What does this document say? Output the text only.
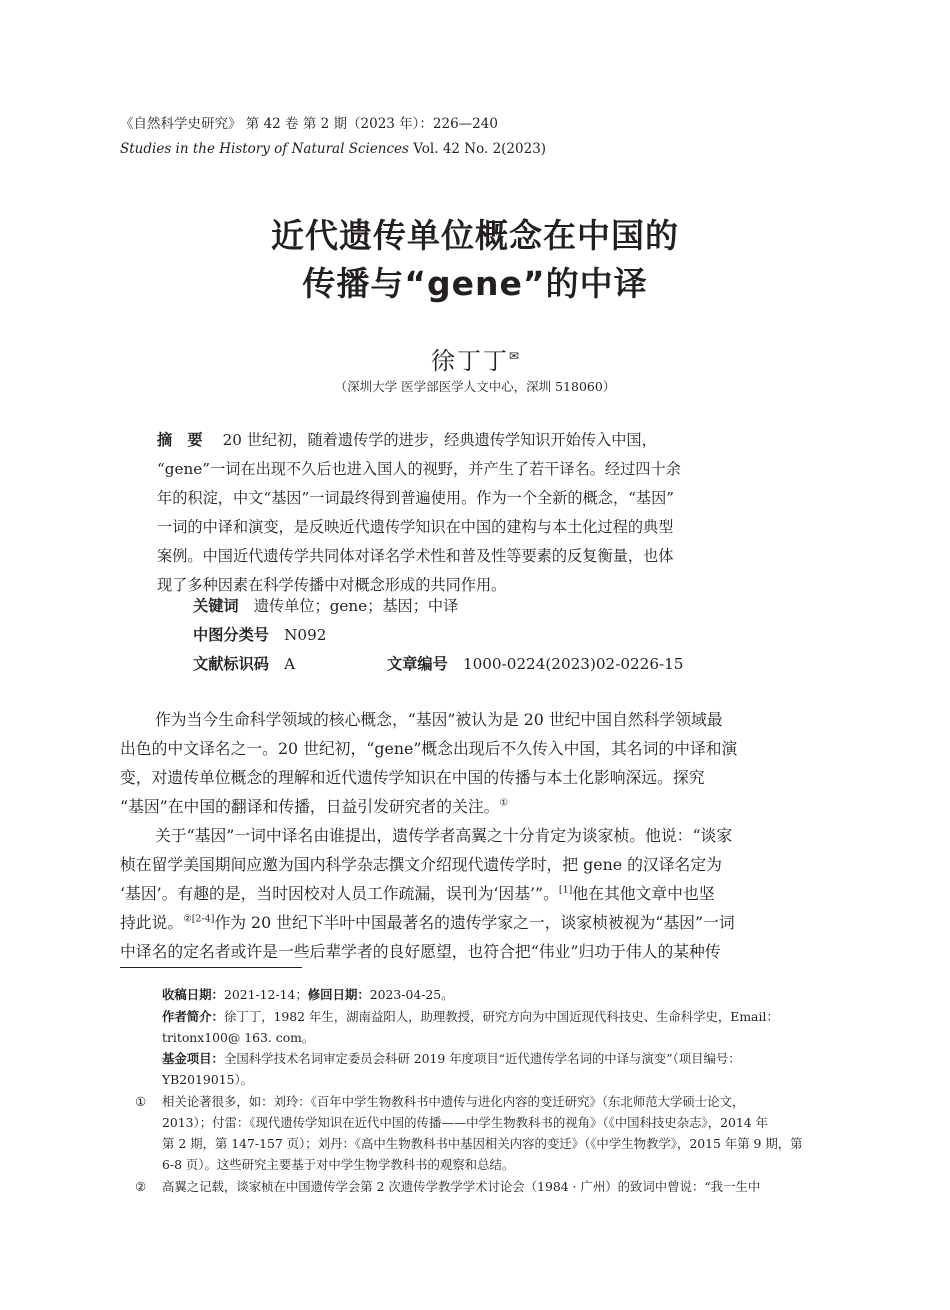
《自然科学史研究》 第 42 卷 第 2 期（2023 年）：226—240
Studies in the History of Natural Sciences Vol. 42 No. 2(2023)
近代遗传单位概念在中国的
传播与“gene”的中译
徐丁丁✉
（深圳大学 医学部医学人文中心，深圳 518060）
摘　要　 20 世纪初，随着遗传学的进步，经典遗传学知识开始传入中国，
“gene”一词在出现不久后也进入国人的视野，并产生了若干译名。经过四十余
年的积淀，中文“基因”一词最终得到普遍使用。作为一个全新的概念，“基因”
一词的中译和演变，是反映近代遗传学知识在中国的建构与本土化过程的典型
案例。中国近代遗传学共同体对译名学术性和普及性等要素的反复衡量，也体
现了多种因素在科学传播中对概念形成的共同作用。
关键词　 遗传单位；gene；基因；中译
中图分类号　 N092
文献标识码　 A	文章编号　 1000-0224(2023)02-0226-15
作为当今生命科学领域的核心概念，“基因”被认为是 20 世纪中国自然科学领域最
出色的中文译名之一。20 世纪初，“gene”概念出现后不久传入中国，其名词的中译和演
变，对遗传单位概念的理解和近代遗传学知识在中国的传播与本土化影响深远。探究
“基因”在中国的翻译和传播，日益引发研究者的关注。①
关于“基因”一词中译名由谁提出，遗传学者高翼之十分肯定为谈家桢。他说：“谈家
桢在留学美国期间应邀为国内科学杂志撰文介绍现代遗传学时，把 gene 的汉译名定为
‘基因’。有趣的是，当时因校对人员工作疏漏，误刊为‘因基’”。[1]他在其他文章中也坚
持此说。$^{②[2-4]}$作为 20 世纪下半叶中国最著名的遗传学家之一，谈家桢被视为“基因”一词
中译名的定名者或许是一些后辈学者的良好愿望，也符合把“伟业”归功于伟人的某种传
收稿日期：2021-12-14；修回日期：2023-04-25。
作者简介：徐丁丁，1982 年生，湖南益阳人，助理教授，研究方向为中国近现代科技史、生命科学史，Email：
tritonx100@ 163. com。
基金项目：全国科学技术名词审定委员会科研 2019 年度项目“近代遗传学名词的中译与演变”（项目编号：
YB2019015）。
① 相关论著很多，如：刘玲：《百年中学生物教科书中遗传与进化内容的变迁研究》（东北师范大学硕士论文，
2013）；付雷：《现代遗传学知识在近代中国的传播——中学生物教科书的视角》（《中国科技史杂志》，2014 年
第 2 期，第 147-157 页）；刘丹：《高中生物教科书中基因相关内容的变迁》（《中学生物教学》，2015 年第 9 期，第
6-8 页）。这些研究主要基于对中学生物学教科书的观察和总结。
② 高翼之记载，谈家桢在中国遗传学会第 2 次遗传学教学学术讨论会（1984 · 广州）的致词中曾说：“我一生中
